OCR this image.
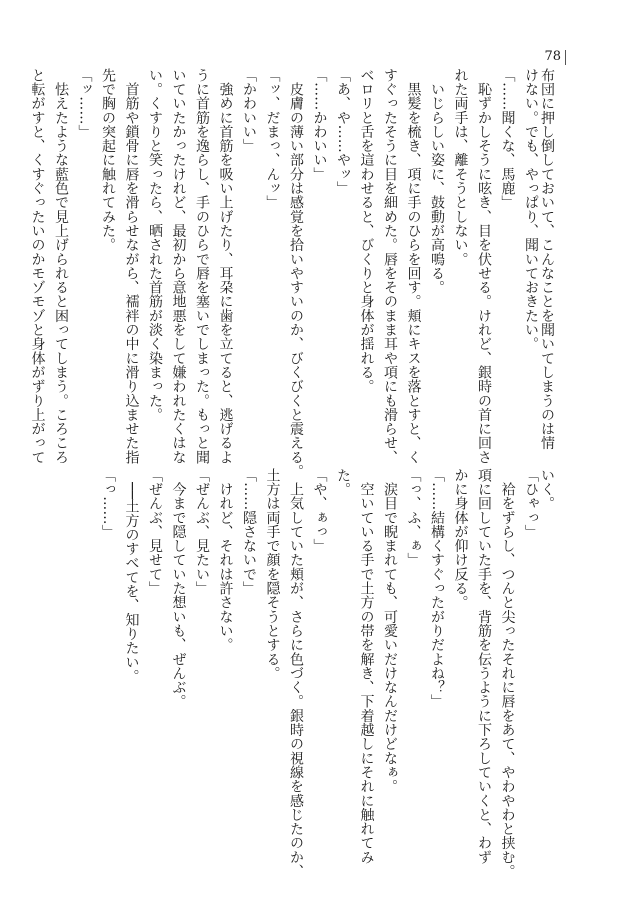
78
布団に押し倒しておいて、こんなことを聞いてしまうのは情
けない。でも、やっぱり、聞いておきたい。
「……聞くな、馬鹿」
　恥ずかしそうに呟き、目を伏せる。けれど、銀時の首に回さ
れた両手は、離そうとしない。
　いじらしい姿に、鼓動が高鳴る。
　黒髪を梳き、項に手のひらを回す。頬にキスを落とすと、く
すぐったそうに目を細めた。唇をそのまま耳や項にも滑らせ、
ベロリと舌を這わせると、びくりと身体が揺れる。
「あ、や……やッ」
「……かわいい」
　皮膚の薄い部分は感覚を拾いやすいのか、びくびくと震える。
「ッ、だまっ、んッ」
「かわいい」
　強めに首筋を吸い上げたり、耳朶に歯を立てると、逃げるよ
うに首筋を逸らし、手のひらで唇を塞いでしまった。もっと聞
いていたかったけれど、最初から意地悪をして嫌われたくはな
い。くすりと笑ったら、晒された首筋が淡く染まった。
　首筋や鎖骨に唇を滑らせながら、襦袢の中に滑り込ませた指
先で胸の突起に触れてみた。
「ッ……」
　怯えたような藍色で見上げられると困ってしまう。ころころ
と転がすと、くすぐったいのかモゾモゾと身体がずり上がって
いく。
「ひゃっ」
　袷をずらし、つんと尖ったそれに唇をあて、やわやわと挟む。
項に回していた手を、背筋を伝うように下ろしていくと、わず
かに身体が仰け反る。
「……結構くすぐったがりだよね？」
「っ、ふ、ぁ」
　涙目で睨まれても、可愛いだけなんだけどなぁ。
　空いている手で土方の帯を解き、下着越しにそれに触れてみ
た。
「や、ぁっ」
　上気していた頬が、さらに色づく。銀時の視線を感じたのか、
土方は両手で顔を隠そうとする。
「……隠さないで」
　けれど、それは許さない。
「ぜんぶ、見たい」
　今まで隠していた想いも、ぜんぶ。
「ぜんぶ、見せて」
　──土方のすべてを、知りたい。
「っ……」
